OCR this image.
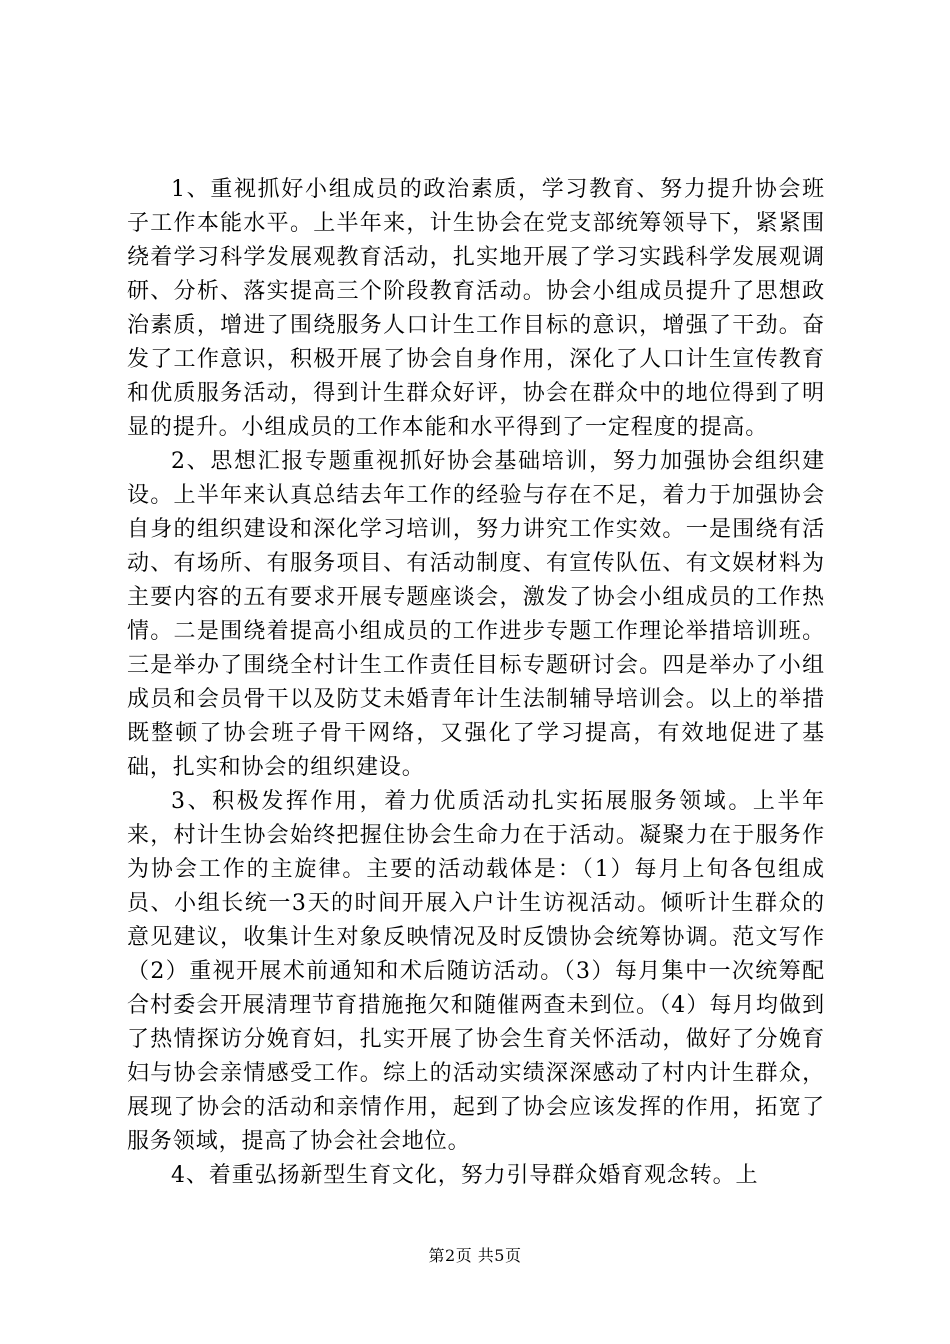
1、重视抓好小组成员的政治素质，学习教育、努力提升协会班子工作本能水平。上半年来，计生协会在党支部统筹领导下，紧紧围绕着学习科学发展观教育活动，扎实地开展了学习实践科学发展观调研、分析、落实提高三个阶段教育活动。协会小组成员提升了思想政治素质，增进了围绕服务人口计生工作目标的意识，增强了干劲。奋发了工作意识，积极开展了协会自身作用，深化了人口计生宣传教育和优质服务活动，得到计生群众好评，协会在群众中的地位得到了明显的提升。小组成员的工作本能和水平得到了一定程度的提高。

2、思想汇报专题重视抓好协会基础培训，努力加强协会组织建设。上半年来认真总结去年工作的经验与存在不足，着力于加强协会自身的组织建设和深化学习培训，努力讲究工作实效。一是围绕有活动、有场所、有服务项目、有活动制度、有宣传队伍、有文娱材料为主要内容的五有要求开展专题座谈会，激发了协会小组成员的工作热情。二是围绕着提高小组成员的工作进步专题工作理论举措培训班。三是举办了围绕全村计生工作责任目标专题研讨会。四是举办了小组成员和会员骨干以及防艾未婚青年计生法制辅导培训会。以上的举措既整顿了协会班子骨干网络，又强化了学习提高，有效地促进了基础，扎实和协会的组织建设。

3、积极发挥作用，着力优质活动扎实拓展服务领域。上半年来，村计生协会始终把握住协会生命力在于活动。凝聚力在于服务作为协会工作的主旋律。主要的活动载体是：（1）每月上旬各包组成员、小组长统一3天的时间开展入户计生访视活动。倾听计生群众的意见建议，收集计生对象反映情况及时反馈协会统筹协调。范文写作（2）重视开展术前通知和术后随访活动。（3）每月集中一次统筹配合村委会开展清理节育措施拖欠和随催两查未到位。（4）每月均做到了热情探访分娩育妇，扎实开展了协会生育关怀活动，做好了分娩育妇与协会亲情感受工作。综上的活动实绩深深感动了村内计生群众，展现了协会的活动和亲情作用，起到了协会应该发挥的作用，拓宽了服务领域，提高了协会社会地位。

4、着重弘扬新型生育文化，努力引导群众婚育观念转。上

第2页 共5页
